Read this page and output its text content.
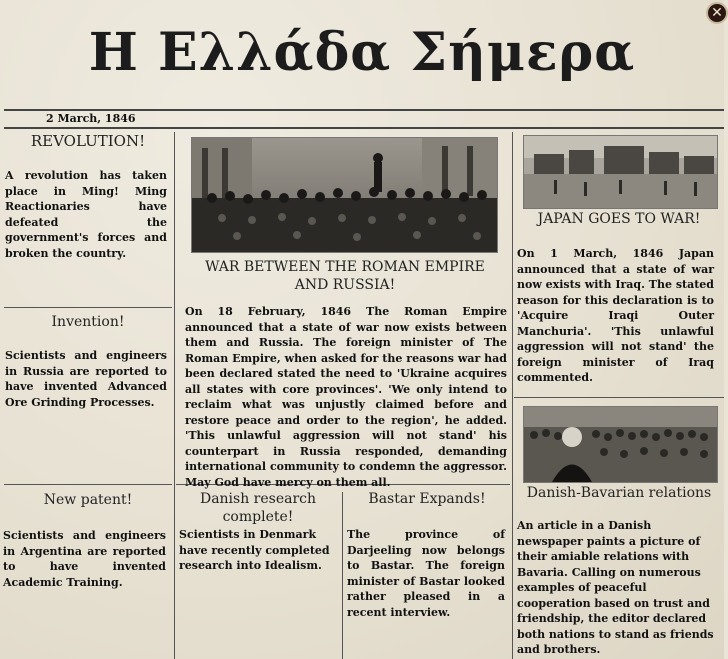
Η Ελλάδα Σήμερα
2 March, 1846
REVOLUTION!
A revolution has taken place in Ming! Ming Reactionaries have defeated the government's forces and broken the country.
Invention!
Scientists and engineers in Russia are reported to have invented Advanced Ore Grinding Processes.
New patent!
Scientists and engineers in Argentina are reported to have invented Academic Training.
WAR BETWEEN THE ROMAN EMPIRE AND RUSSIA!
On 18 February, 1846 The Roman Empire announced that a state of war now exists between them and Russia. The foreign minister of The Roman Empire, when asked for the reasons war had been declared stated the need to 'Ukraine acquires all states with core provinces'. 'We only intend to reclaim what was unjustly claimed before and restore peace and order to the region', he added. 'This unlawful aggression will not stand' his counterpart in Russia responded, demanding international community to condemn the aggressor. May God have mercy on them all.
Danish research complete!
Scientists in Denmark have recently completed research into Idealism.
Bastar Expands!
The province of Darjeeling now belongs to Bastar. The foreign minister of Bastar looked rather pleased in a recent interview.
JAPAN GOES TO WAR!
On 1 March, 1846 Japan announced that a state of war now exists with Iraq. The stated reason for this declaration is to 'Acquire Iraqi Outer Manchuria'. 'This unlawful aggression will not stand' the foreign minister of Iraq commented.
Danish-Bavarian relations
An article in a Danish newspaper paints a picture of their amiable relations with Bavaria. Calling on numerous examples of peaceful cooperation based on trust and friendship, the editor declared both nations to stand as friends and brothers.
✕
